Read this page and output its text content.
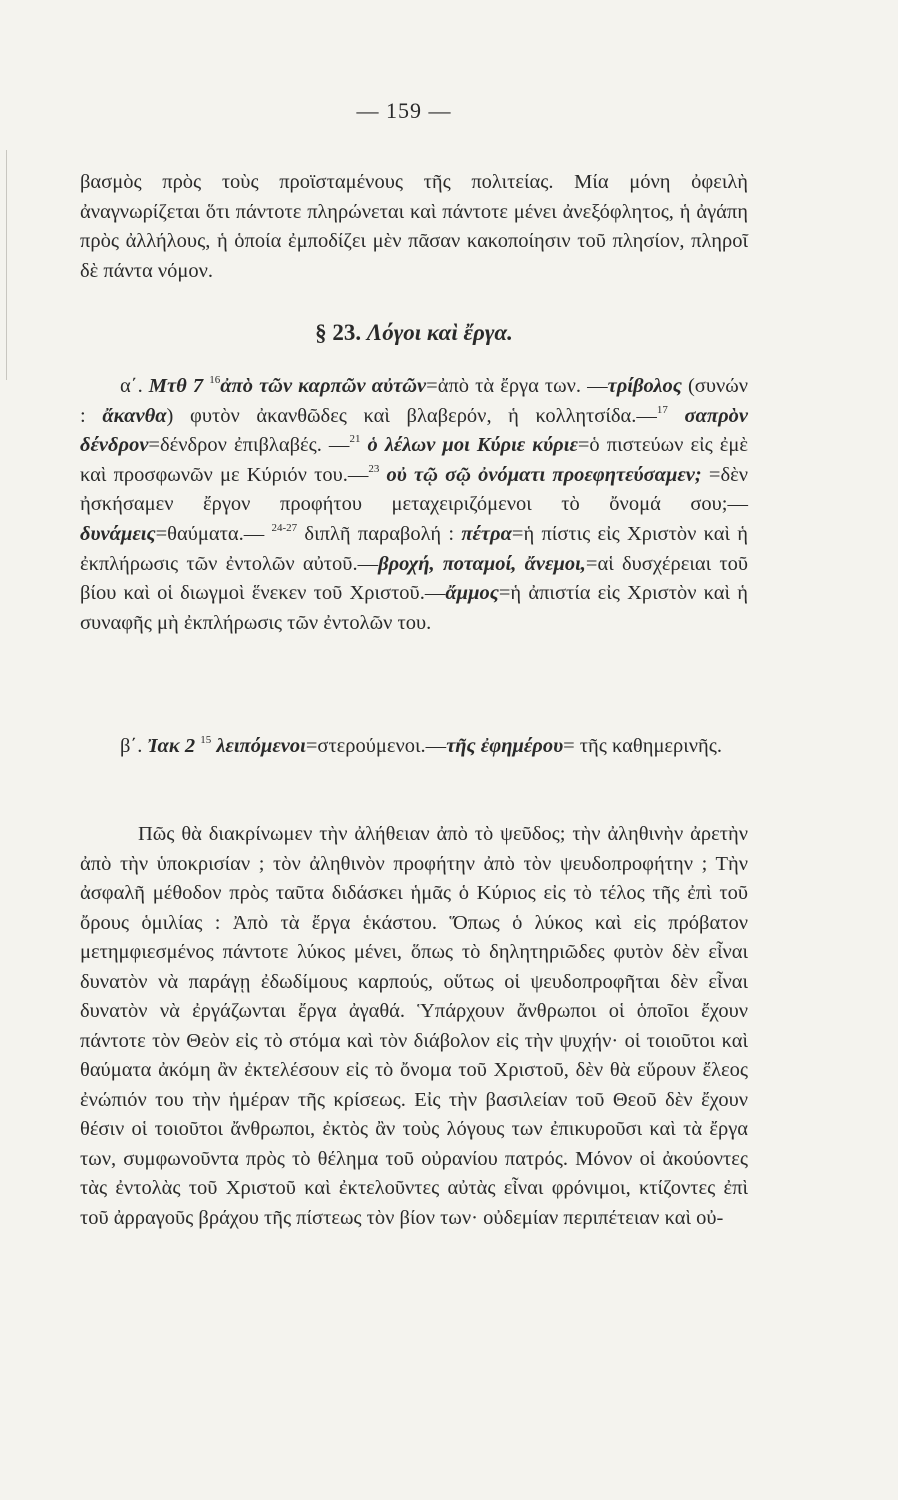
— 159 —

βασμὸς πρὸς τοὺς προϊσταμένους τῆς πολιτείας. Μία μόνη ὀφειλὴ ἀναγνωρίζεται ὅτι πάντοτε πληρώνεται καὶ πάντοτε μένει ἀνεξόφλητος, ἡ ἀγάπη πρὸς ἀλλήλους, ἡ ὁποία ἐμποδίζει μὲν πᾶσαν κακοποίησιν τοῦ πλησίον, πληροῖ δὲ πάντα νόμον.

§ 23. Λόγοι καὶ ἔργα.

α΄. Μτθ 7 $^{16}$ἀπὸ τῶν καρπῶν αὐτῶν=ἀπὸ τὰ ἔργα των. —τρίβολος (συνών : ἄκανθα) φυτὸν ἀκανθῶδες καὶ βλαβερόν, ἡ κολλητσίδα.—$^{17}$ σαπρὸν δένδρον=δένδρον ἐπιβλαβές. —$^{21}$ ὁ λέλων μοι Κύριε κύριε=ὁ πιστεύων εἰς ἐμὲ καὶ προσφωνῶν με Κύριόν του.—$^{23}$ οὐ τῷ σῷ ὀνόματι προεφητεύσαμεν; =δὲν ἠσκήσαμεν ἔργον προφήτου μεταχειριζόμενοι τὸ ὄνομά σου;—δυνάμεις=θαύματα.— $^{24-27}$ διπλῆ παραβολή : πέτρα=ἡ πίστις εἰς Χριστὸν καὶ ἡ ἐκπλήρωσις τῶν ἐντολῶν αὐτοῦ.—βροχή, ποταμοί, ἄνεμοι,=αἱ δυσχέρειαι τοῦ βίου καὶ οἱ διωγμοὶ ἕνεκεν τοῦ Χριστοῦ.—ἄμμος=ἡ ἀπιστία εἰς Χριστὸν καὶ ἡ συναφῆς μὴ ἐκπλήρωσις τῶν ἐντολῶν του.

β΄. Ἰακ 2 $^{15}$ λειπόμενοι=στερούμενοι.—τῆς ἐφημέρου= τῆς καθημερινῆς.

Πῶς θὰ διακρίνωμεν τὴν ἀλήθειαν ἀπὸ τὸ ψεῦδος; τὴν ἀληθινὴν ἀρετὴν ἀπὸ τὴν ὑποκρισίαν ; τὸν ἀληθινὸν προφήτην ἀπὸ τὸν ψευδοπροφήτην ; Τὴν ἀσφαλῆ μέθοδον πρὸς ταῦτα διδάσκει ἡμᾶς ὁ Κύριος εἰς τὸ τέλος τῆς ἐπὶ τοῦ ὄρους ὁμιλίας : Ἀπὸ τὰ ἔργα ἑκάστου. Ὅπως ὁ λύκος καὶ εἰς πρόβατον μετημφιεσμένος πάντοτε λύκος μένει, ὅπως τὸ δηλητηριῶδες φυτὸν δὲν εἶναι δυνατὸν νὰ παράγῃ ἐδωδίμους καρπούς, οὕτως οἱ ψευδοπροφῆται δὲν εἶναι δυνατὸν νὰ ἐργάζωνται ἔργα ἀγαθά. Ὑπάρχουν ἄνθρωποι οἱ ὁποῖοι ἔχουν πάντοτε τὸν Θεὸν εἰς τὸ στόμα καὶ τὸν διάβολον εἰς τὴν ψυχήν· οἱ τοιοῦτοι καὶ θαύματα ἀκόμη ἂν ἐκτελέσουν εἰς τὸ ὄνομα τοῦ Χριστοῦ, δὲν θὰ εὕρουν ἔλεος ἐνώπιόν του τὴν ἡμέραν τῆς κρίσεως. Εἰς τὴν βασιλείαν τοῦ Θεοῦ δὲν ἔχουν θέσιν οἱ τοιοῦτοι ἄνθρωποι, ἐκτὸς ἂν τοὺς λόγους των ἐπικυροῦσι καὶ τὰ ἔργα των, συμφωνοῦντα πρὸς τὸ θέλημα τοῦ οὐρανίου πατρός. Μόνον οἱ ἀκούοντες τὰς ἐντολὰς τοῦ Χριστοῦ καὶ ἐκτελοῦντες αὐτὰς εἶναι φρόνιμοι, κτίζοντες ἐπὶ τοῦ ἀρραγοῦς βράχου τῆς πίστεως τὸν βίον των· οὐδεμίαν περιπέτειαν καὶ οὐ-
